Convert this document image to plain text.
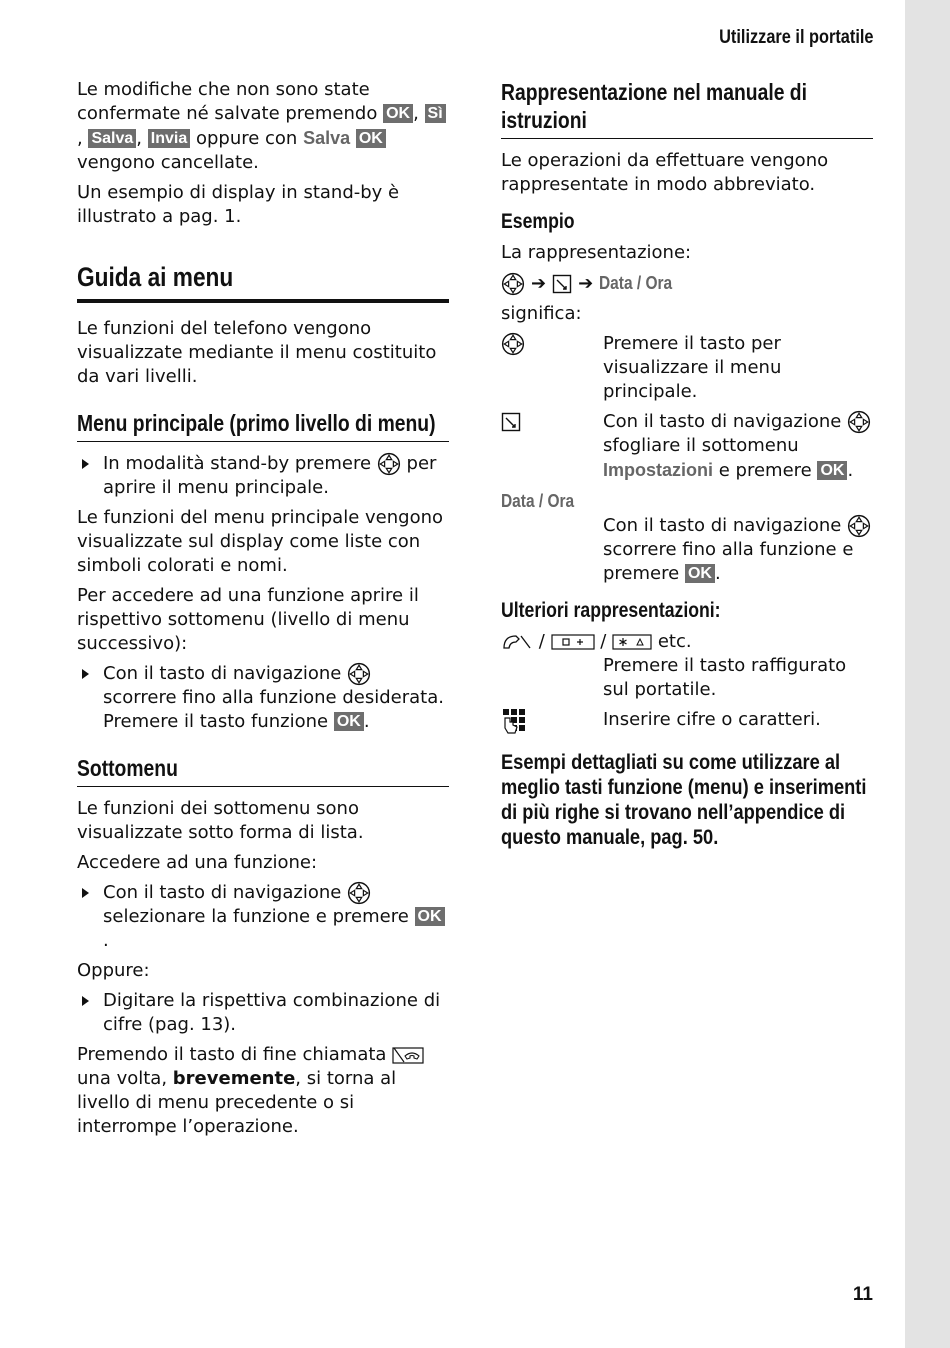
Utilizzare il portatile

Le modifiche che non sono state confermate né salvate premendo OK , Sì, Salva , Invia oppure con Salva OK vengono cancellate.

Un esempio di display in stand-by è illustrato a pag. 1.

Guida ai menu

Le funzioni del telefono vengono visualizzate mediante il menu costituito da vari livelli.

Menu principale (primo livello di menu)
In modalità stand-by premere per aprire il menu principale.

Le funzioni del menu principale vengono visualizzate sul display come liste con simboli colorati e nomi.

Per accedere ad una funzione aprire il rispettivo sottomenu (livello di menu successivo):

Con il tasto di navigazione  scorrere fino alla funzione desiderata. Premere il tasto funzione OK .
Sottomenu

Le funzioni dei sottomenu sono visualizzate sotto forma di lista.

Accedere ad una funzione:

Con il tasto di navigazione  selezionare la funzione e premere OK.

Oppure:

Digitare la rispettiva combinazione di cifre (pag. 13).

Premendo il tasto di fine chiamata  una volta, brevemente, si torna al livello di menu precedente o si interrompe l’operazione.

Rappresentazione nel manuale di istruzioni

Le operazioni da effettuare vengono rappresentate in modo abbreviato.

Esempio

La rappresentazione:

➔ ➔ Data / Ora

significa:

Premere il tasto per visualizzare il menu principale.
Con il tasto di navigazione  sfogliare il sottomenu Impostazioni e premere OK .
Data / Ora
Con il tasto di navigazione  scorrere fino alla funzione e premere OK .
Ulteriori rappresentazioni:

/	/	etc.

Premere il tasto raffigurato sul portatile.
Inserire cifre o caratteri.
Esempi dettagliati su come utilizzare al meglio tasti funzione (menu) e inserimenti di più righe si trovano nell’appendice di questo manuale, pag. 50.
11
